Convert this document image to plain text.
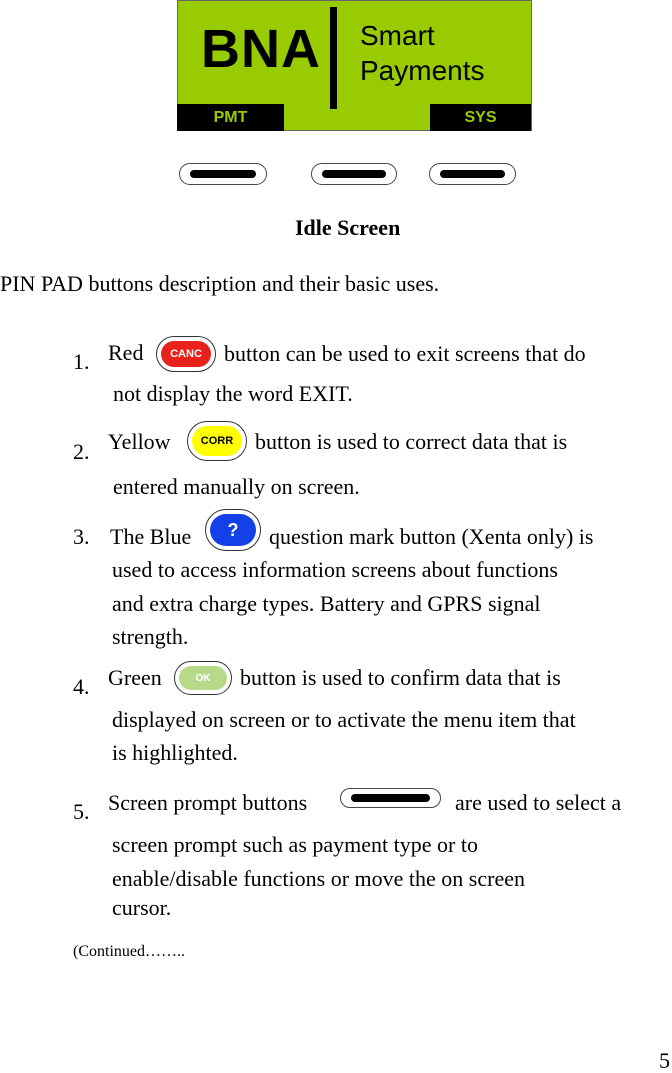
BNA Smart
Payments
PMT	SYS
Idle Screen
PIN PAD buttons description and their basic uses.
1. Red	CANC	button can be used to exit screens that do
not display the word EXIT.
2. Yellow	CORR button is used to correct data that is
entered manually on screen.
3. The Blue	?	question mark button (Xenta only) is
used to access information screens about functions
and extra charge types. Battery and GPRS signal
strength.
4. Green	OK	button is used to confirm data that is
displayed on screen or to activate the menu item that
is highlighted.
5. Screen prompt buttons	are used to select a
screen prompt such as payment type or to
enable/disable functions or move the on screen
cursor.
(Continued……..
5
